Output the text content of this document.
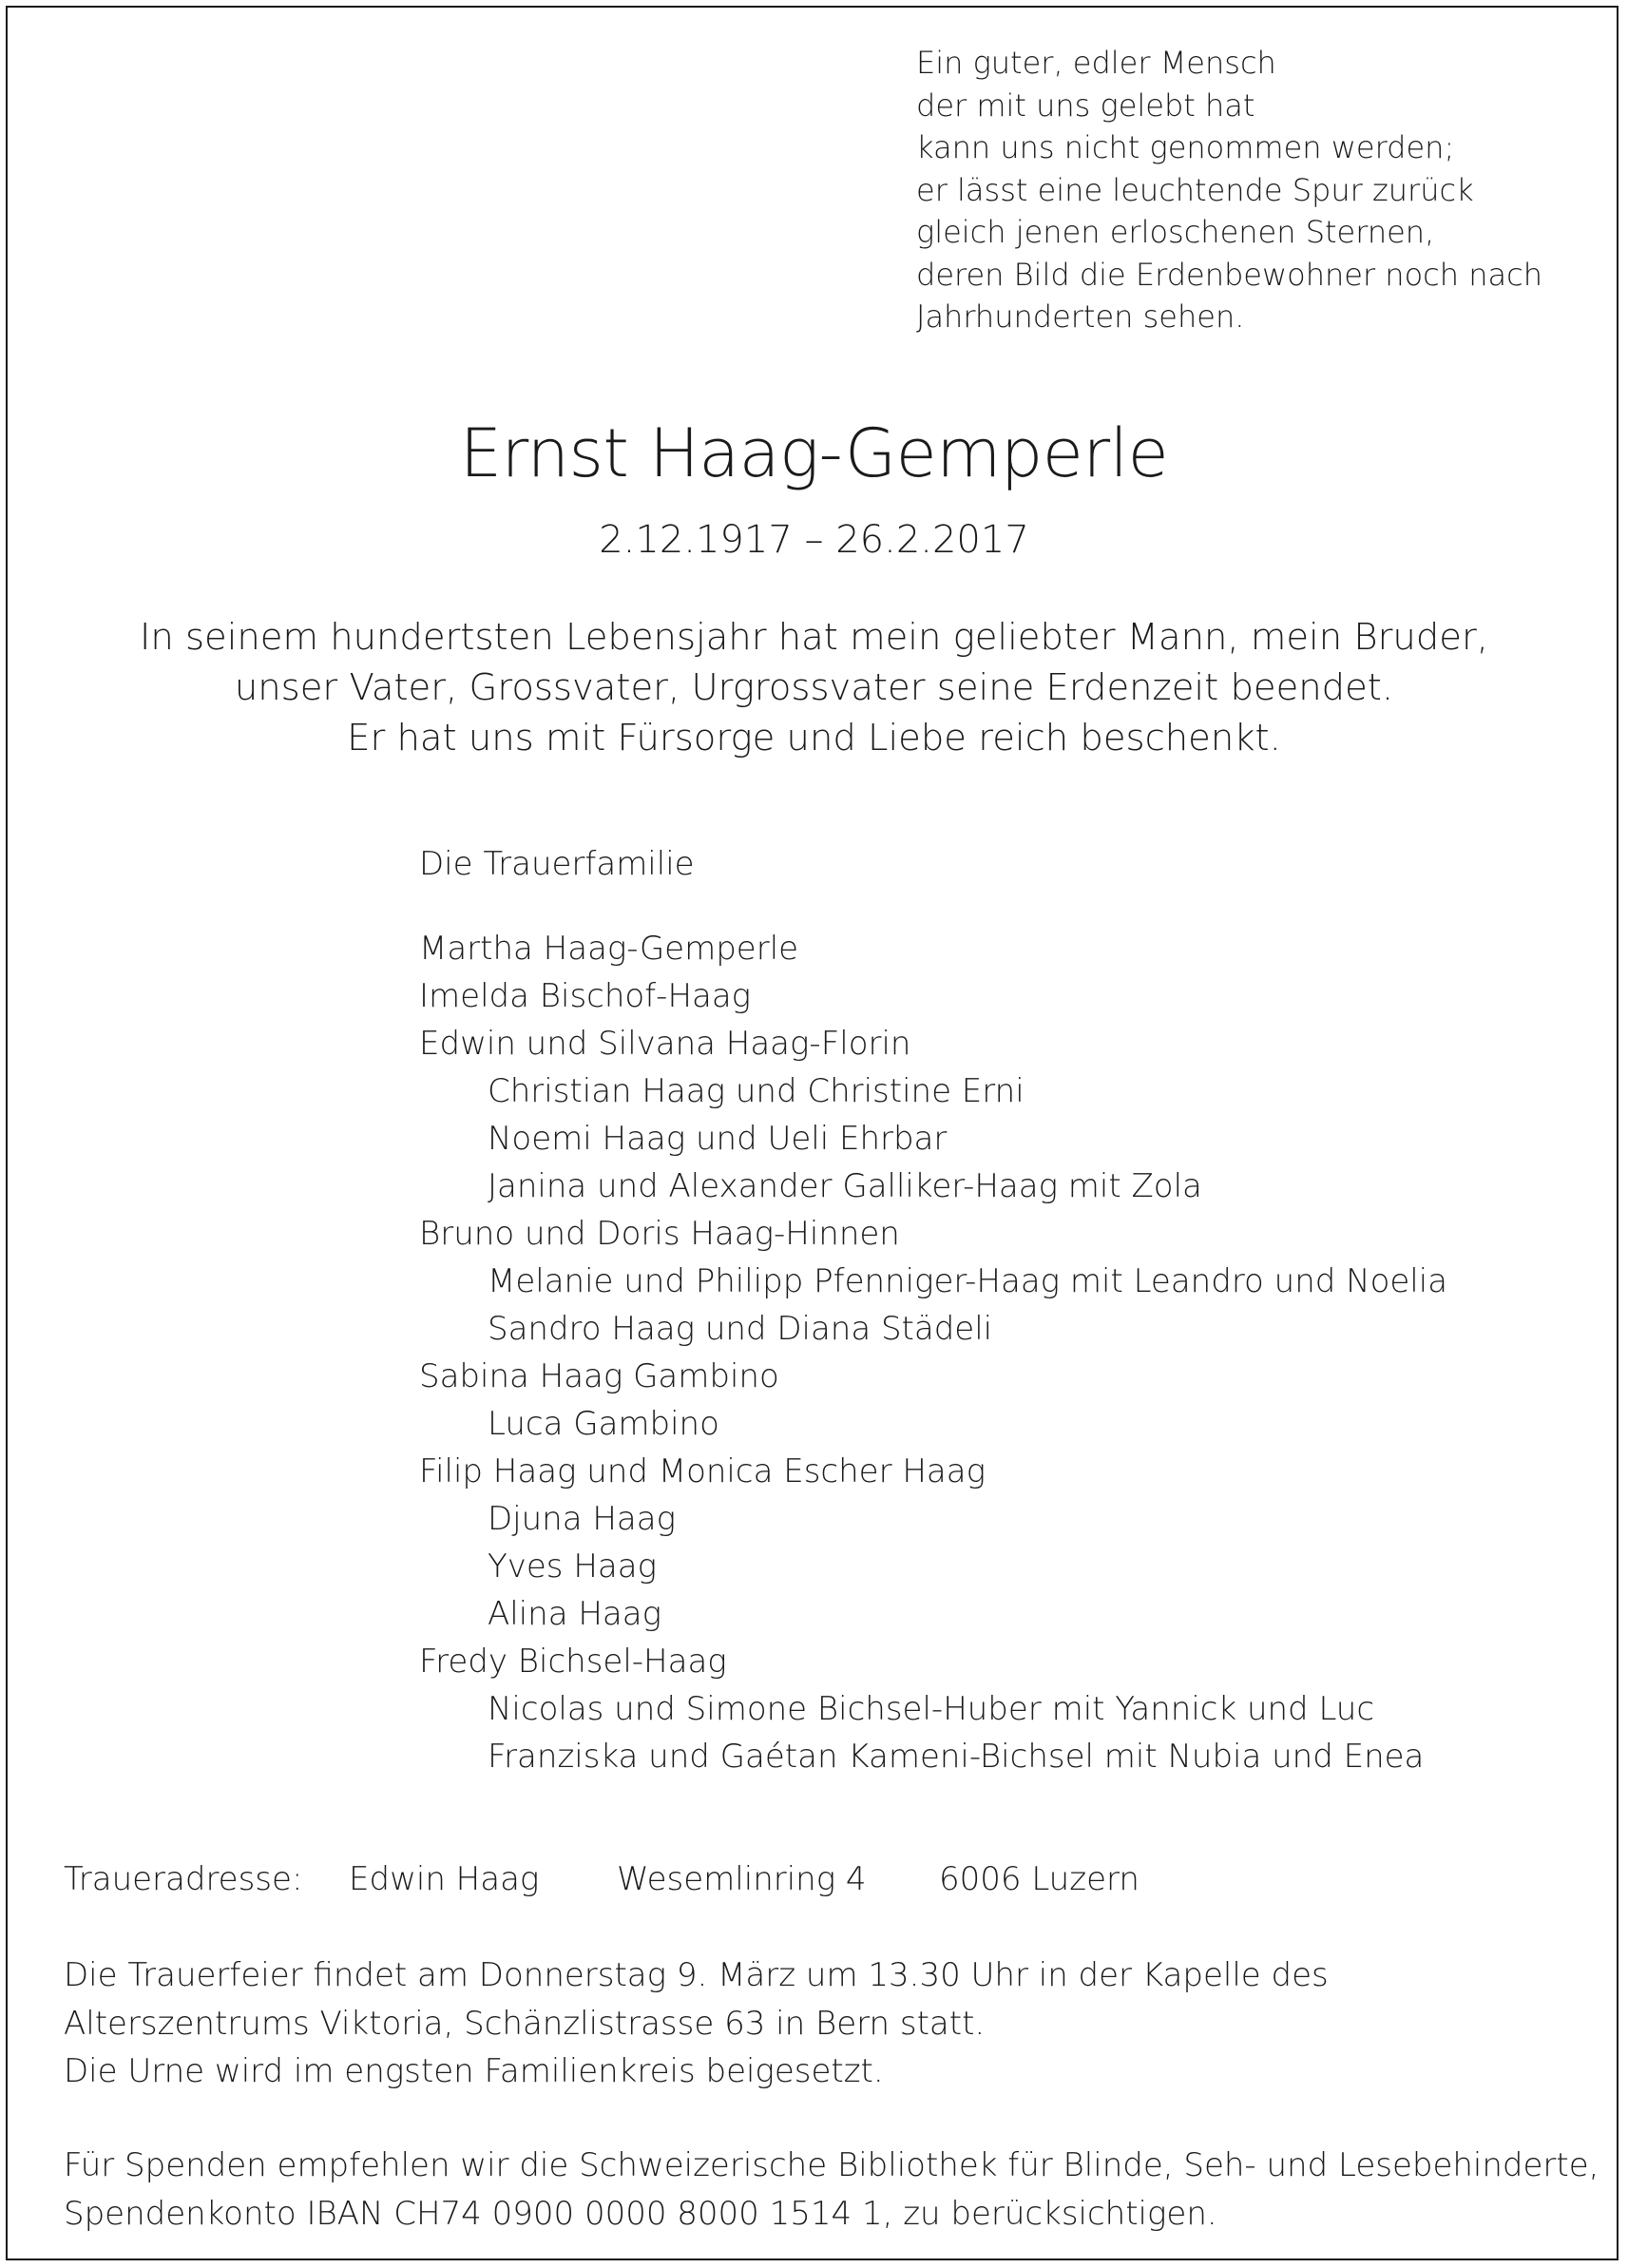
Ein guter, edler Mensch
der mit uns gelebt hat
kann uns nicht genommen werden;
er lässt eine leuchtende Spur zurück
gleich jenen erloschenen Sternen,
deren Bild die Erdenbewohner noch nach
Jahrhunderten sehen.
Ernst Haag-Gemperle
2.12.1917 – 26.2.2017
In seinem hundertsten Lebensjahr hat mein geliebter Mann, mein Bruder,
unser Vater, Grossvater, Urgrossvater seine Erdenzeit beendet.
Er hat uns mit Fürsorge und Liebe reich beschenkt.
Die Trauerfamilie
Martha Haag-Gemperle
Imelda Bischof-Haag
Edwin und Silvana Haag-Florin
Christian Haag und Christine Erni
Noemi Haag und Ueli Ehrbar
Janina und Alexander Galliker-Haag mit Zola
Bruno und Doris Haag-Hinnen
Melanie und Philipp Pfenniger-Haag mit Leandro und Noelia
Sandro Haag und Diana Städeli
Sabina Haag Gambino
Luca Gambino
Filip Haag und Monica Escher Haag
Djuna Haag
Yves Haag
Alina Haag
Fredy Bichsel-Haag
Nicolas und Simone Bichsel-Huber mit Yannick und Luc
Franziska und Gaétan Kameni-Bichsel mit Nubia und Enea
Traueradresse: Edwin Haag Wesemlinring 4 6006 Luzern
Die Trauerfeier findet am Donnerstag 9. März um 13.30 Uhr in der Kapelle des
Alterszentrums Viktoria, Schänzlistrasse 63 in Bern statt.
Die Urne wird im engsten Familienkreis beigesetzt.
Für Spenden empfehlen wir die Schweizerische Bibliothek für Blinde, Seh- und Lesebehinderte,
Spendenkonto IBAN CH74 0900 0000 8000 1514 1, zu berücksichtigen.
